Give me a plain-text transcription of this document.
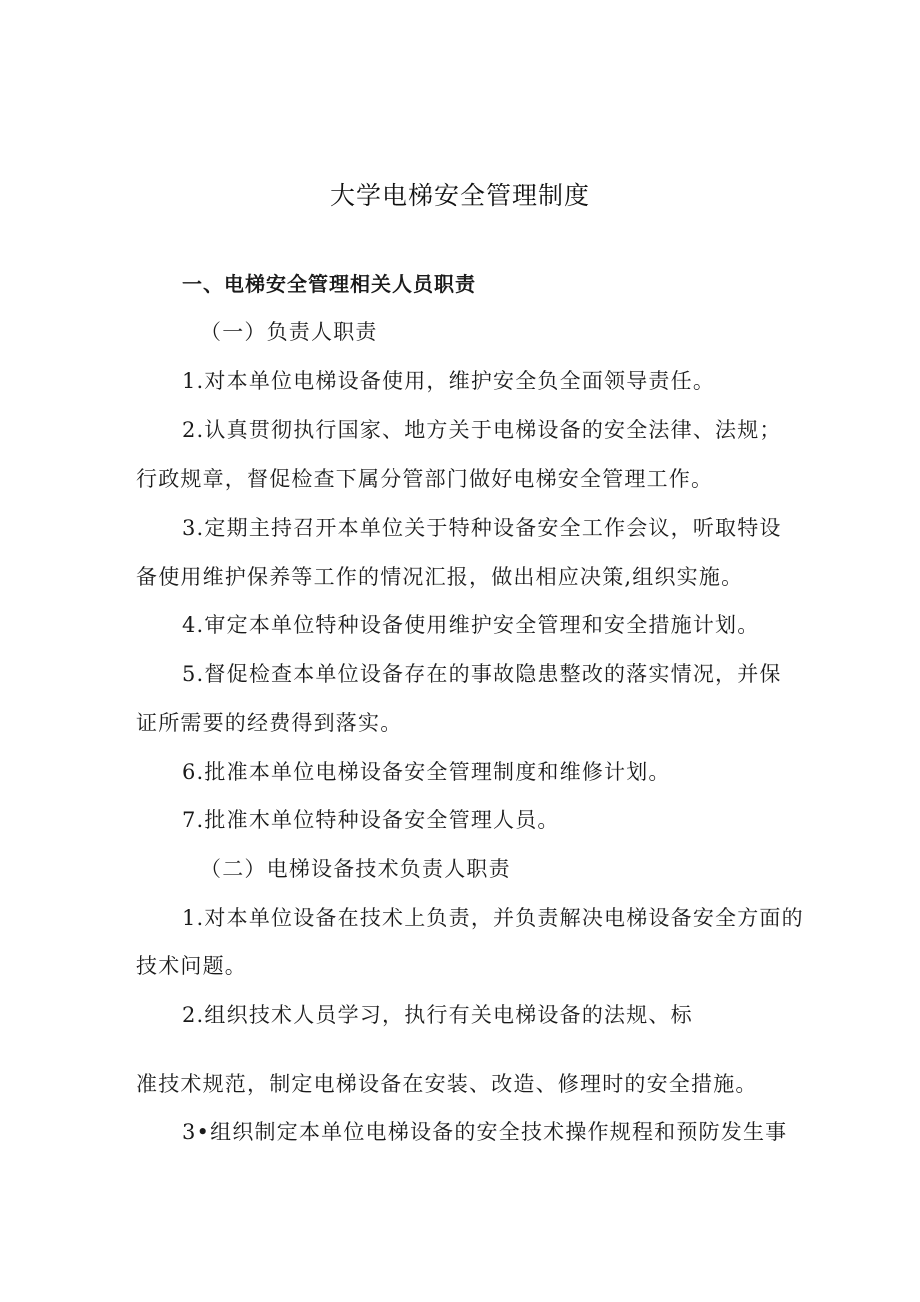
大学电梯安全管理制度
一、电梯安全管理相关人员职责
（一）负责人职责
1.对本单位电梯设备使用，维护安全负全面领导责任。
2.认真贯彻执行国家、地方关于电梯设备的安全法律、法规；
行政规章，督促检查下属分管部门做好电梯安全管理工作。
3.定期主持召开本单位关于特种设备安全工作会议，听取特设
备使用维护保养等工作的情况汇报，做出相应决策,组织实施。
4.审定本单位特种设备使用维护安全管理和安全措施计划。
5.督促检查本单位设备存在的事故隐患整改的落实情况，并保
证所需要的经费得到落实。
6.批准本单位电梯设备安全管理制度和维修计划。
7.批准木单位特种设备安全管理人员。
（二）电梯设备技术负责人职责
1.对本单位设备在技术上负责，并负责解决电梯设备安全方面的
技术问题。
2.组织技术人员学习，执行有关电梯设备的法规、标
准技术规范，制定电梯设备在安装、改造、修理时的安全措施。
3•组织制定本单位电梯设备的安全技术操作规程和预防发生事
